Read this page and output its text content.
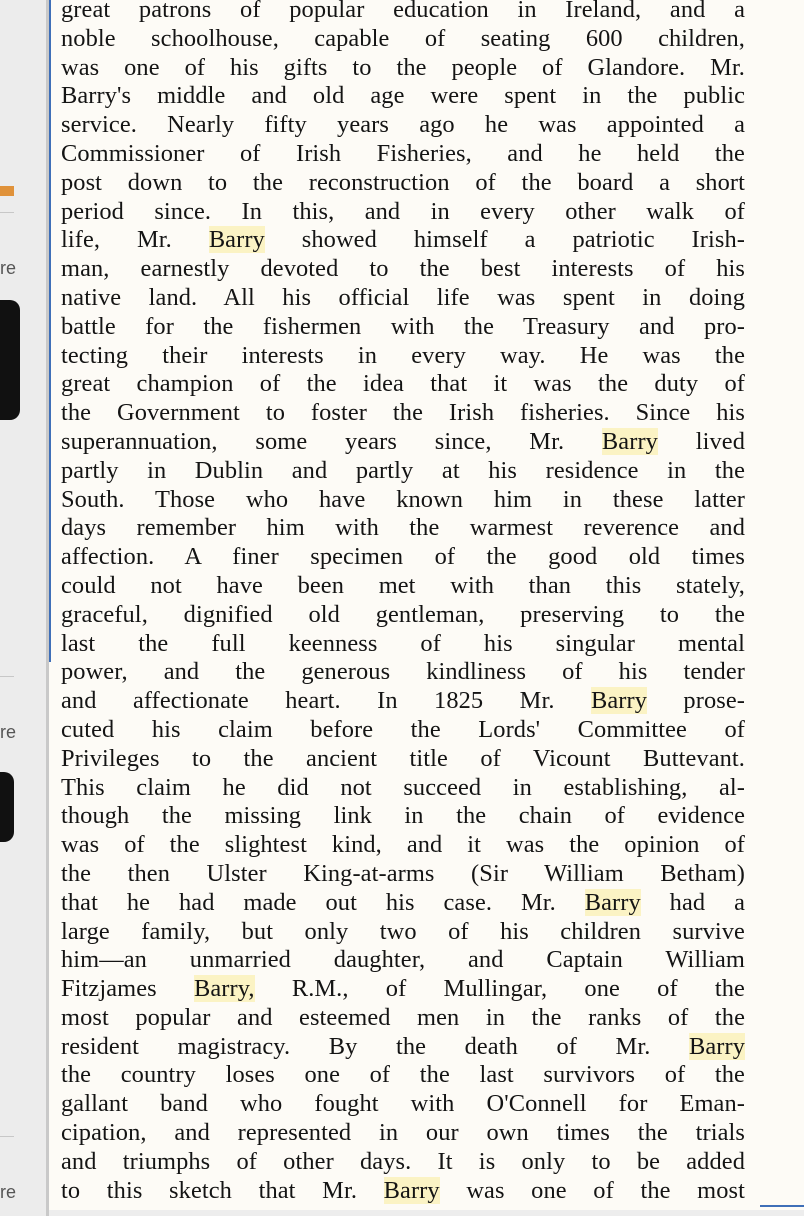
re
re
re
great patrons of popular education in Ireland, and a
noble schoolhouse, capable of seating 600 children,
was one of his gifts to the people of Glandore. Mr.
Barry's middle and old age were spent in the public
service. Nearly fifty years ago he was appointed a
Commissioner of Irish Fisheries, and he held the
post down to the reconstruction of the board a short
period since. In this, and in every other walk of
life, Mr. Barry showed himself a patriotic Irish-
man, earnestly devoted to the best interests of his
native land. All his official life was spent in doing
battle for the fishermen with the Treasury and pro-
tecting their interests in every way. He was the
great champion of the idea that it was the duty of
the Government to foster the Irish fisheries. Since his
superannuation, some years since, Mr. Barry lived
partly in Dublin and partly at his residence in the
South. Those who have known him in these latter
days remember him with the warmest reverence and
affection. A finer specimen of the good old times
could not have been met with than this stately,
graceful, dignified old gentleman, preserving to the
last the full keenness of his singular mental
power, and the generous kindliness of his tender
and affectionate heart. In 1825 Mr. Barry prose-
cuted his claim before the Lords' Committee of
Privileges to the ancient title of Vicount Buttevant.
This claim he did not succeed in establishing, al-
though the missing link in the chain of evidence
was of the slightest kind, and it was the opinion of
the then Ulster King-at-arms (Sir William Betham)
that he had made out his case. Mr. Barry had a
large family, but only two of his children survive
him—an unmarried daughter, and Captain William
Fitzjames Barry, R.M., of Mullingar, one of the
most popular and esteemed men in the ranks of the
resident magistracy. By the death of Mr. Barry
the country loses one of the last survivors of the
gallant band who fought with O'Connell for Eman-
cipation, and represented in our own times the trials
and triumphs of other days. It is only to be added
to this sketch that Mr. Barry was one of the most
